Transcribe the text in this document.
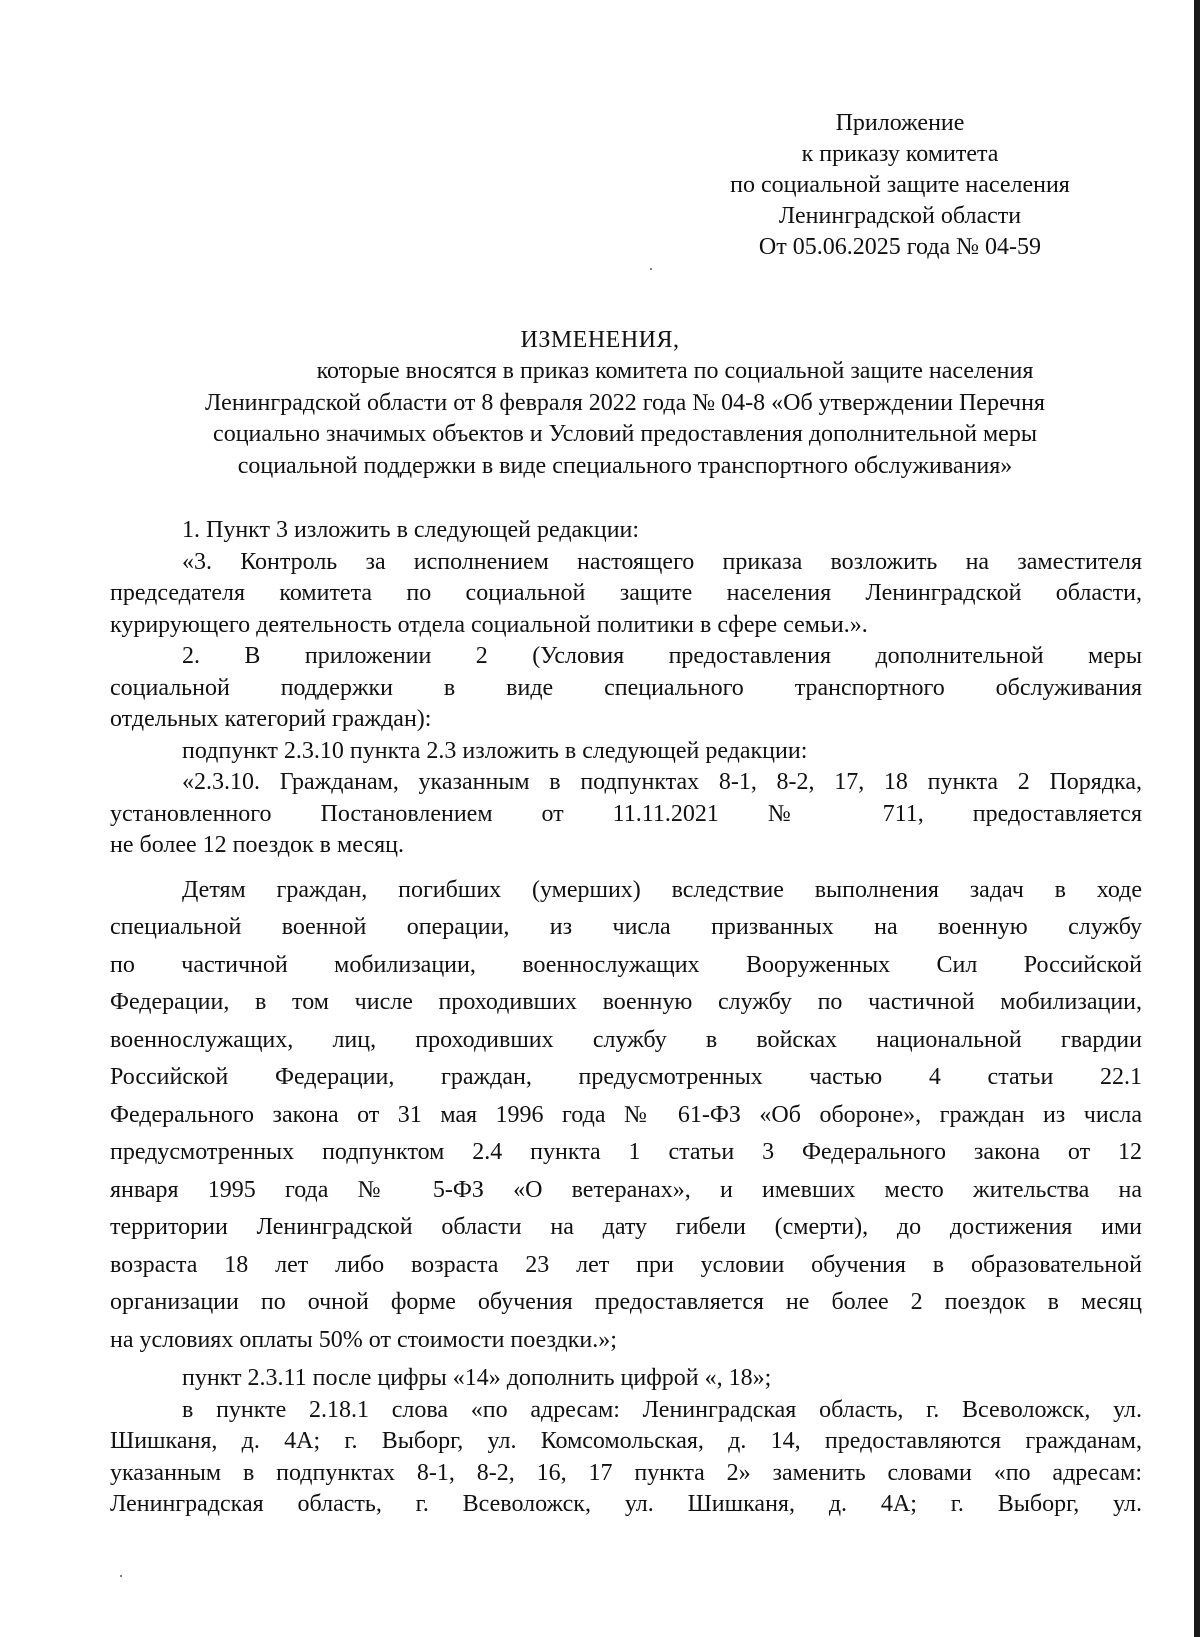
Приложение
к приказу комитета
по социальной защите населения
Ленинградской области
От 05.06.2025 года № 04-59
ИЗМЕНЕНИЯ,
которые вносятся в приказ комитета по социальной защите населения
Ленинградской области от 8 февраля 2022 года № 04-8 «Об утверждении Перечня
социально значимых объектов и Условий предоставления дополнительной меры
социальной поддержки в виде специального транспортного обслуживания»
1. Пункт 3 изложить в следующей редакции:
«3. Контроль за исполнением настоящего приказа возложить на заместителя
председателя комитета по социальной защите населения Ленинградской области,
курирующего деятельность отдела социальной политики в сфере семьи.».
2. В приложении 2 (Условия предоставления дополнительной меры
социальной поддержки в виде специального транспортного обслуживания
отдельных категорий граждан):
подпункт 2.3.10 пункта 2.3 изложить в следующей редакции:
«2.3.10. Гражданам, указанным в подпунктах 8-1, 8-2, 17, 18 пункта 2 Порядка,
установленного Постановлением от 11.11.2021 № 711, предоставляется
не более 12 поездок в месяц.
Детям граждан, погибших (умерших) вследствие выполнения задач в ходе
специальной военной операции, из числа призванных на военную службу
по частичной мобилизации, военнослужащих Вооруженных Сил Российской
Федерации, в том числе проходивших военную службу по частичной мобилизации,
военнослужащих, лиц, проходивших службу в войсках национальной гвардии
Российской Федерации, граждан, предусмотренных частью 4 статьи 22.1
Федерального закона от 31 мая 1996 года № 61-ФЗ «Об обороне», граждан из числа
предусмотренных подпунктом 2.4 пункта 1 статьи 3 Федерального закона от 12
января 1995 года № 5-ФЗ «О ветеранах», и имевших место жительства на
территории Ленинградской области на дату гибели (смерти), до достижения ими
возраста 18 лет либо возраста 23 лет при условии обучения в образовательной
организации по очной форме обучения предоставляется не более 2 поездок в месяц
на условиях оплаты 50% от стоимости поездки.»;
пункт 2.3.11 после цифры «14» дополнить цифрой «, 18»;
в пункте 2.18.1 слова «по адресам: Ленинградская область, г. Всеволожск, ул.
Шишканя, д. 4А; г. Выборг, ул. Комсомольская, д. 14, предоставляются гражданам,
указанным в подпунктах 8-1, 8-2, 16, 17 пункта 2» заменить словами «по адресам:
Ленинградская область, г. Всеволожск, ул. Шишканя, д. 4А; г. Выборг, ул.
